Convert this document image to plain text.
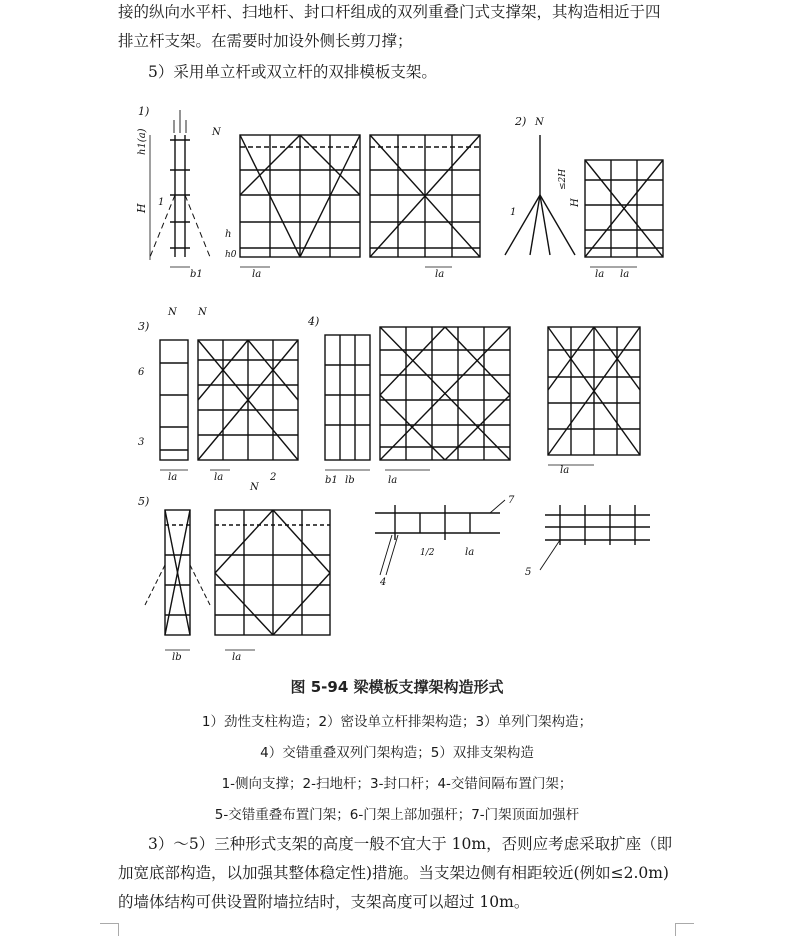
接的纵向水平杆、扫地杆、封口杆组成的双列重叠门式支撑架，其构造相近于四
排立杆支架。在需要时加设外侧长剪刀撑；

5）采用单立杆或双立杆的双排模板支架。

1)
h1(a)
H
1
b1
N
h
h0
la	la
2) N
1
≤2H
H
la la
3)
N
6
3
la
N
2
la
4)
b1 lb	la
la
5)
lb
N
la
4
7
1/2	la
5

图 5-94 梁模板支撑架构造形式

1）劲性支柱构造；2）密设单立杆排架构造；3）单列门架构造；

4）交错重叠双列门架构造；5）双排支架构造

1-侧向支撑；2-扫地杆；3-封口杆；4-交错间隔布置门架；

5-交错重叠布置门架；6-门架上部加强杆；7-门架顶面加强杆

3）～5）三种形式支架的高度一般不宜大于 10m，否则应考虑采取扩座（即
加宽底部构造，以加强其整体稳定性)措施。当支架边侧有相距较近(例如≤2.0m)
的墙体结构可供设置附墙拉结时，支架高度可以超过 10m。
